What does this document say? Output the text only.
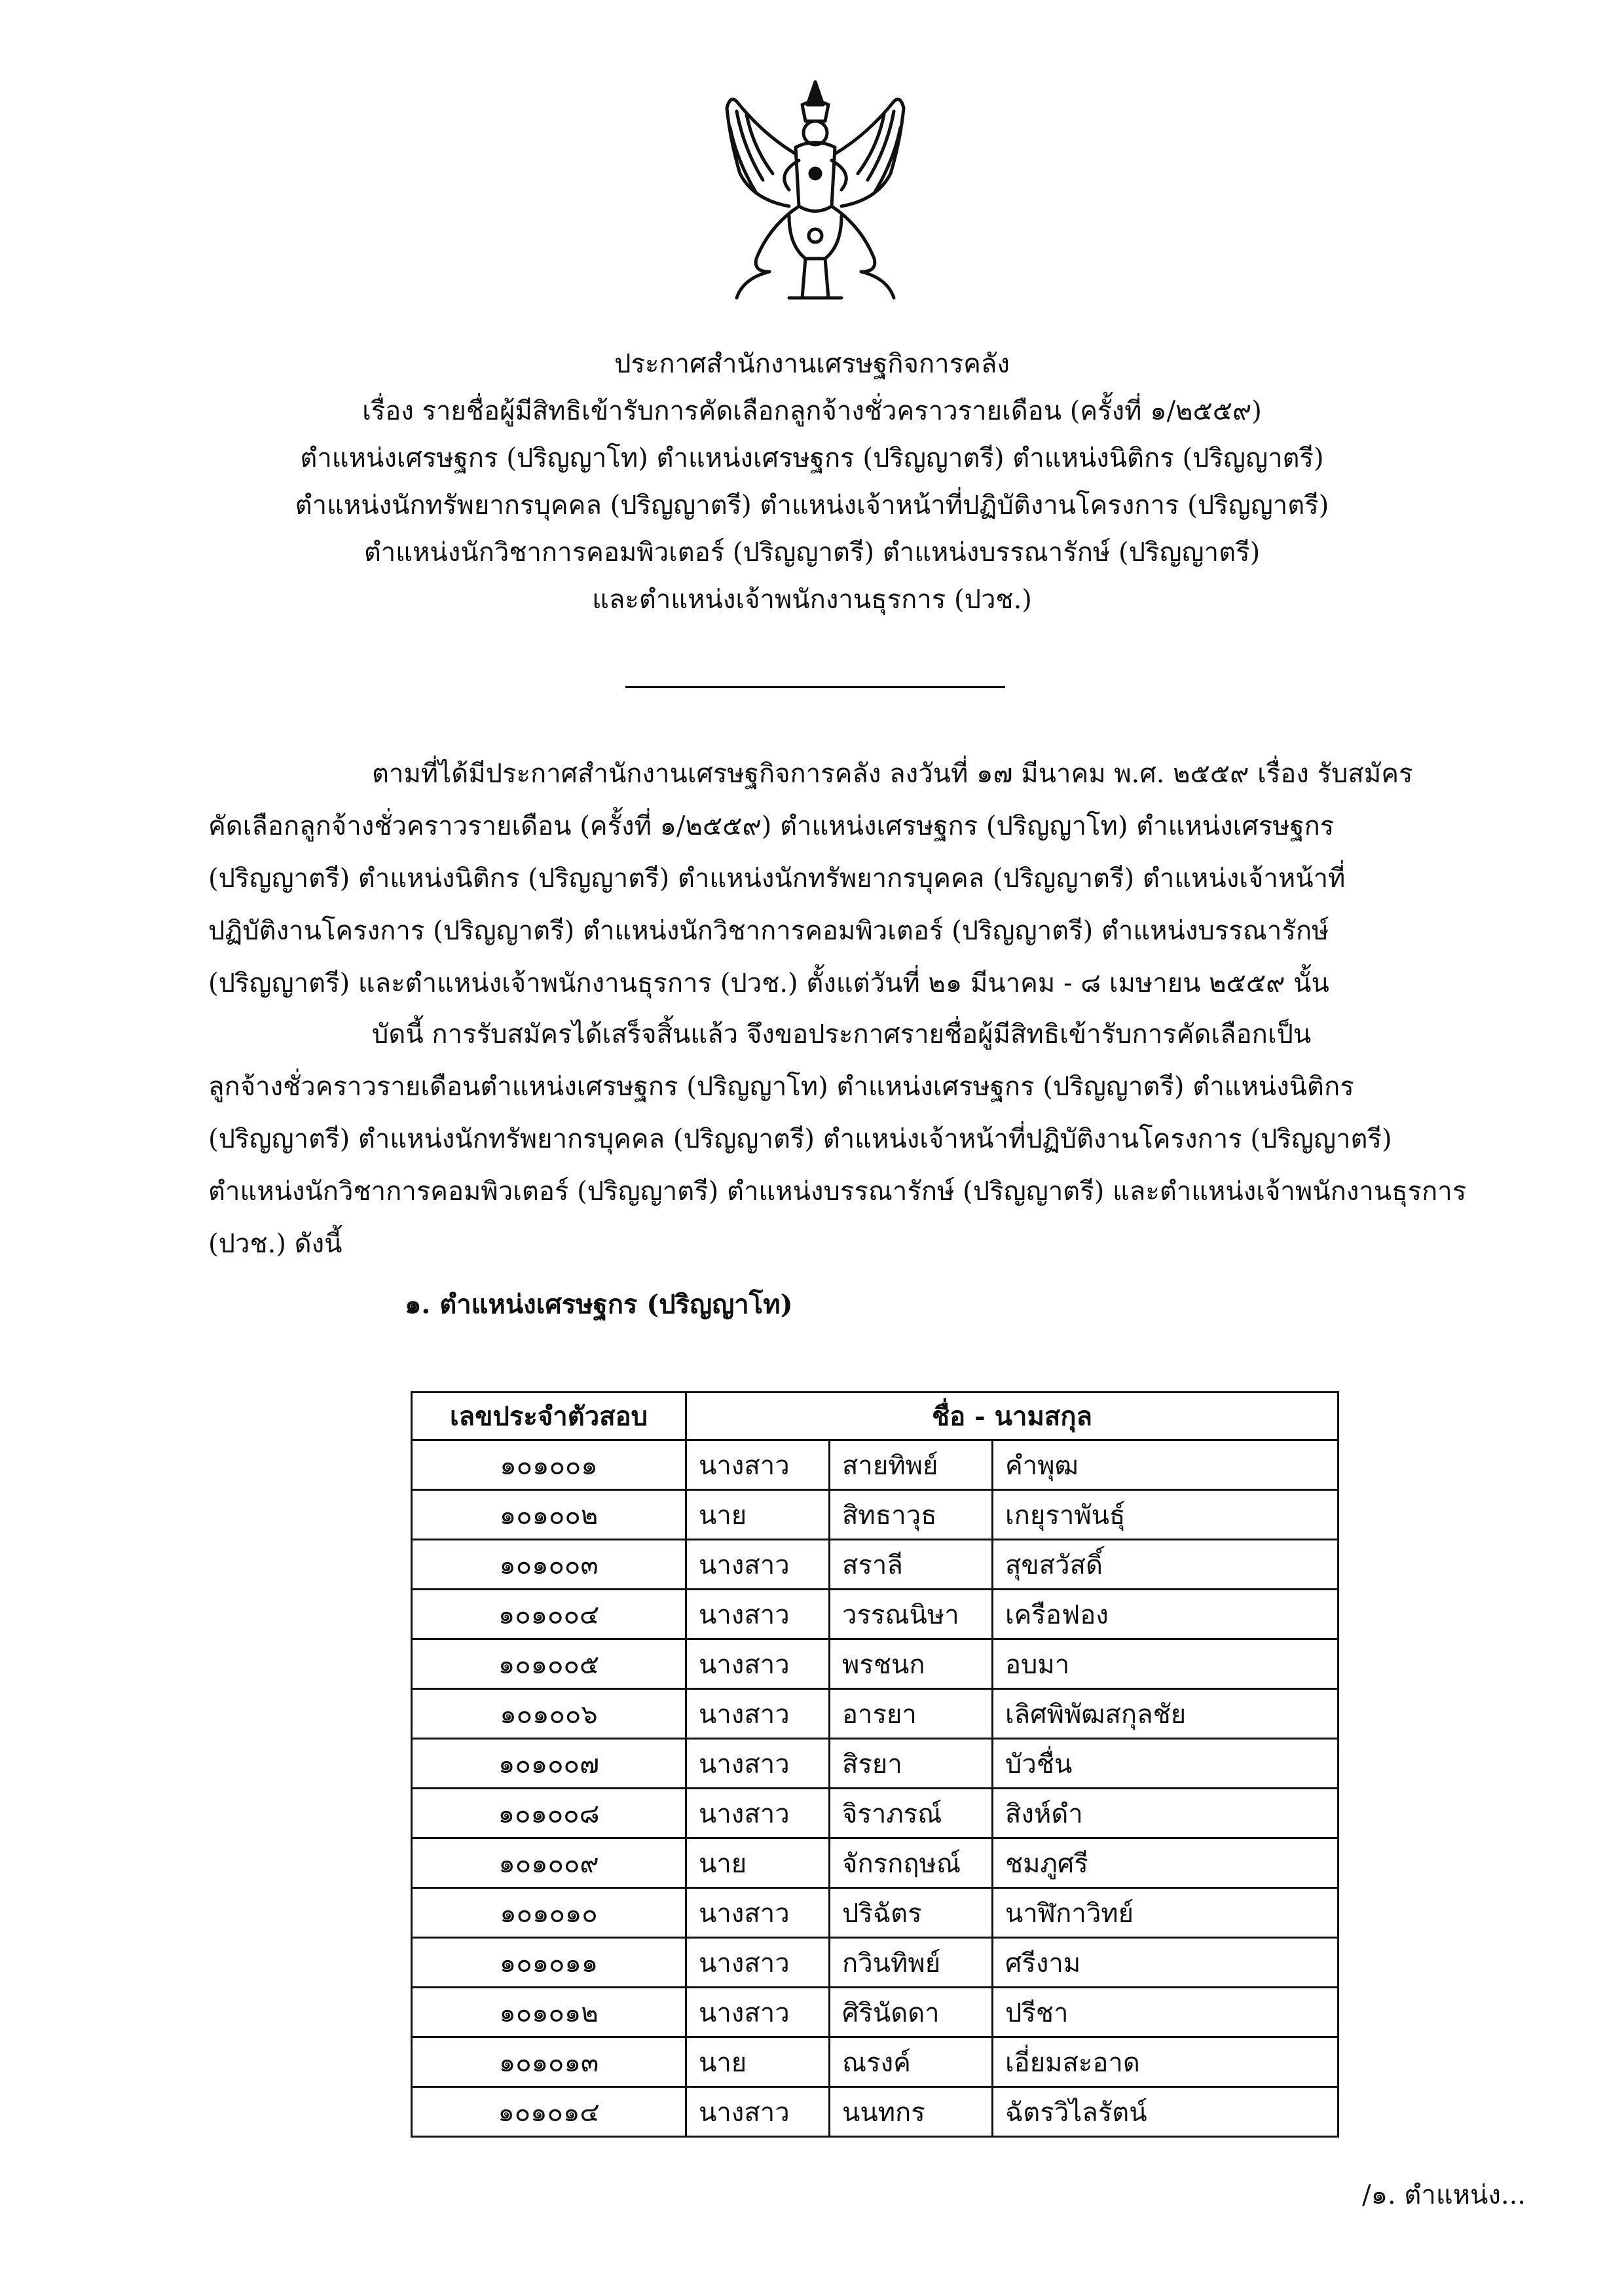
ประกาศสำนักงานเศรษฐกิจการคลัง
เรื่อง รายชื่อผู้มีสิทธิเข้ารับการคัดเลือกลูกจ้างชั่วคราวรายเดือน (ครั้งที่ ๑/๒๕๕๙)
ตำแหน่งเศรษฐกร (ปริญญาโท) ตำแหน่งเศรษฐกร (ปริญญาตรี) ตำแหน่งนิติกร (ปริญญาตรี)
ตำแหน่งนักทรัพยากรบุคคล (ปริญญาตรี) ตำแหน่งเจ้าหน้าที่ปฏิบัติงานโครงการ (ปริญญาตรี)
ตำแหน่งนักวิชาการคอมพิวเตอร์ (ปริญญาตรี) ตำแหน่งบรรณารักษ์ (ปริญญาตรี)
และตำแหน่งเจ้าพนักงานธุรการ (ปวช.)
ตามที่ได้มีประกาศสำนักงานเศรษฐกิจการคลัง ลงวันที่ ๑๗ มีนาคม พ.ศ. ๒๕๕๙ เรื่อง รับสมัคร
คัดเลือกลูกจ้างชั่วคราวรายเดือน (ครั้งที่ ๑/๒๕๕๙) ตำแหน่งเศรษฐกร (ปริญญาโท) ตำแหน่งเศรษฐกร
(ปริญญาตรี) ตำแหน่งนิติกร (ปริญญาตรี) ตำแหน่งนักทรัพยากรบุคคล (ปริญญาตรี) ตำแหน่งเจ้าหน้าที่
ปฏิบัติงานโครงการ (ปริญญาตรี) ตำแหน่งนักวิชาการคอมพิวเตอร์ (ปริญญาตรี) ตำแหน่งบรรณารักษ์
(ปริญญาตรี) และตำแหน่งเจ้าพนักงานธุรการ (ปวช.) ตั้งแต่วันที่ ๒๑ มีนาคม - ๘ เมษายน ๒๕๕๙ นั้น
บัดนี้ การรับสมัครได้เสร็จสิ้นแล้ว จึงขอประกาศรายชื่อผู้มีสิทธิเข้ารับการคัดเลือกเป็น
ลูกจ้างชั่วคราวรายเดือนตำแหน่งเศรษฐกร (ปริญญาโท) ตำแหน่งเศรษฐกร (ปริญญาตรี) ตำแหน่งนิติกร
(ปริญญาตรี) ตำแหน่งนักทรัพยากรบุคคล (ปริญญาตรี) ตำแหน่งเจ้าหน้าที่ปฏิบัติงานโครงการ (ปริญญาตรี)
ตำแหน่งนักวิชาการคอมพิวเตอร์ (ปริญญาตรี) ตำแหน่งบรรณารักษ์ (ปริญญาตรี) และตำแหน่งเจ้าพนักงานธุรการ
(ปวช.) ดังนี้
๑. ตำแหน่งเศรษฐกร (ปริญญาโท)
เลขประจำตัวสอบ	ชื่อ - นามสกุล		
๑๐๑๐๐๑	นางสาว	สายทิพย์	คำพุฒ
๑๐๑๐๐๒	นาย	สิทธาวุธ	เกยุราพันธุ์
๑๐๑๐๐๓	นางสาว	สราลี	สุขสวัสดิ์
๑๐๑๐๐๔	นางสาว	วรรณนิษา	เครือฟอง
๑๐๑๐๐๕	นางสาว	พรชนก	อบมา
๑๐๑๐๐๖	นางสาว	อารยา	เลิศพิพัฒสกุลชัย
๑๐๑๐๐๗	นางสาว	สิรยา	บัวชื่น
๑๐๑๐๐๘	นางสาว	จิราภรณ์	สิงห์ดำ
๑๐๑๐๐๙	นาย	จักรกฤษณ์	ชมภูศรี
๑๐๑๐๑๐	นางสาว	ปริฉัตร	นาฬิกาวิทย์
๑๐๑๐๑๑	นางสาว	กวินทิพย์	ศรีงาม
๑๐๑๐๑๒	นางสาว	ศิรินัดดา	ปรีชา
๑๐๑๐๑๓	นาย	ณรงค์	เอี่ยมสะอาด
๑๐๑๐๑๔	นางสาว	นนทกร	ฉัตรวิไลรัตน์
/๑. ตำแหน่ง...
